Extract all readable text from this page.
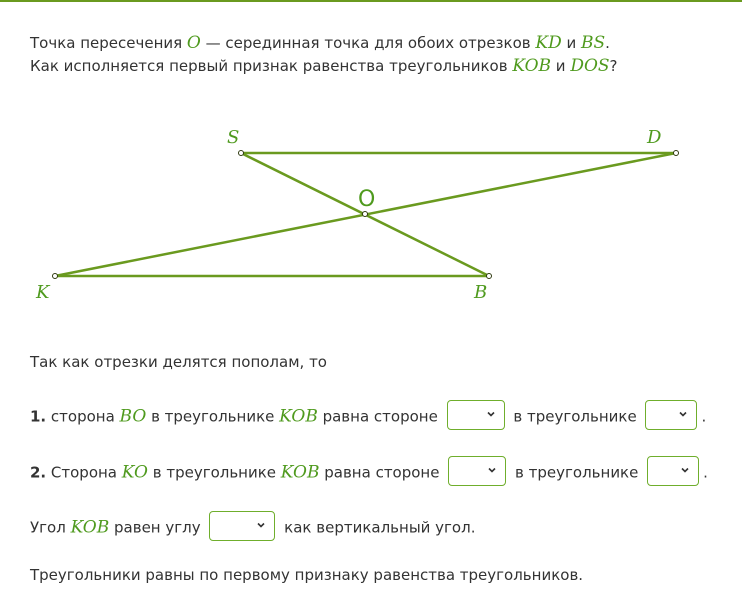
Точка пересечения O — серединная точка для обоих отрезков KD и BS.
Как исполняется первый признак равенства треугольников KOB и DOS?
S	D
O
K	B
Так как отрезки делятся пополам, то
1. сторона BO в треугольнике KOB равна стороне	в треугольнике	.
2. Сторона KO в треугольнике KOB равна стороне	в треугольнике	.
Угол KOB равен углу	как вертикальный угол.
Треугольники равны по первому признаку равенства треугольников.
